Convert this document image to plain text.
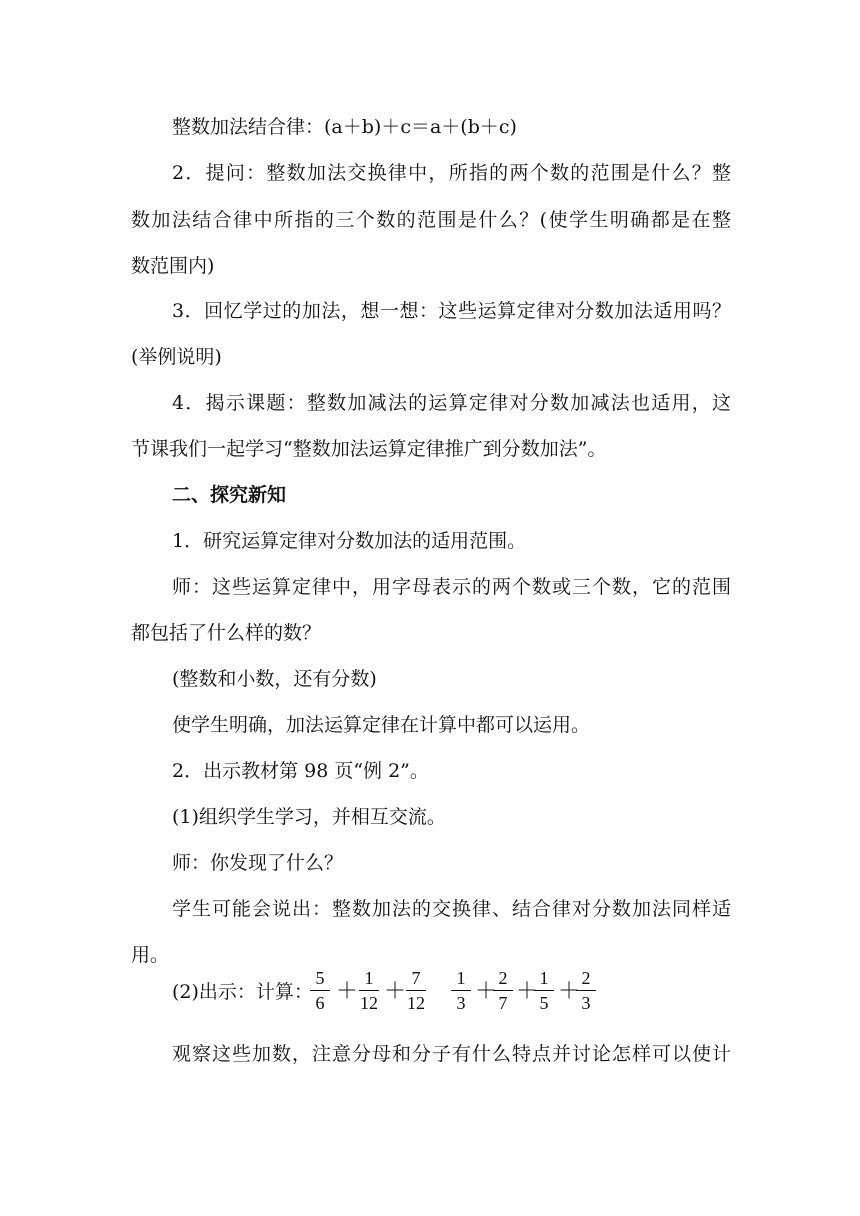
整数加法结合律：(a＋b)＋c＝a＋(b＋c)
2．提问：整数加法交换律中，所指的两个数的范围是什么？整
数加法结合律中所指的三个数的范围是什么？(使学生明确都是在整
数范围内)
3．回忆学过的加法，想一想：这些运算定律对分数加法适用吗？
(举例说明)
4．揭示课题：整数加减法的运算定律对分数加减法也适用，这
节课我们一起学习“整数加法运算定律推广到分数加法”。
二、探究新知
1．研究运算定律对分数加法的适用范围。
师：这些运算定律中，用字母表示的两个数或三个数，它的范围
都包括了什么样的数？
(整数和小数，还有分数)
使学生明确，加法运算定律在计算中都可以运用。
2．出示教材第 98 页“例 2”。
(1)组织学生学习，并相互交流。
师：你发现了什么？
学生可能会说出：整数加法的交换律、结合律对分数加法同样适
用。
(2)出示：计算：
5
6 ＋ 1
12 ＋ 7
12
1
3 ＋ 2
7 ＋ 1
5 ＋ 2
3
观察这些加数，注意分母和分子有什么特点并讨论怎样可以使计
